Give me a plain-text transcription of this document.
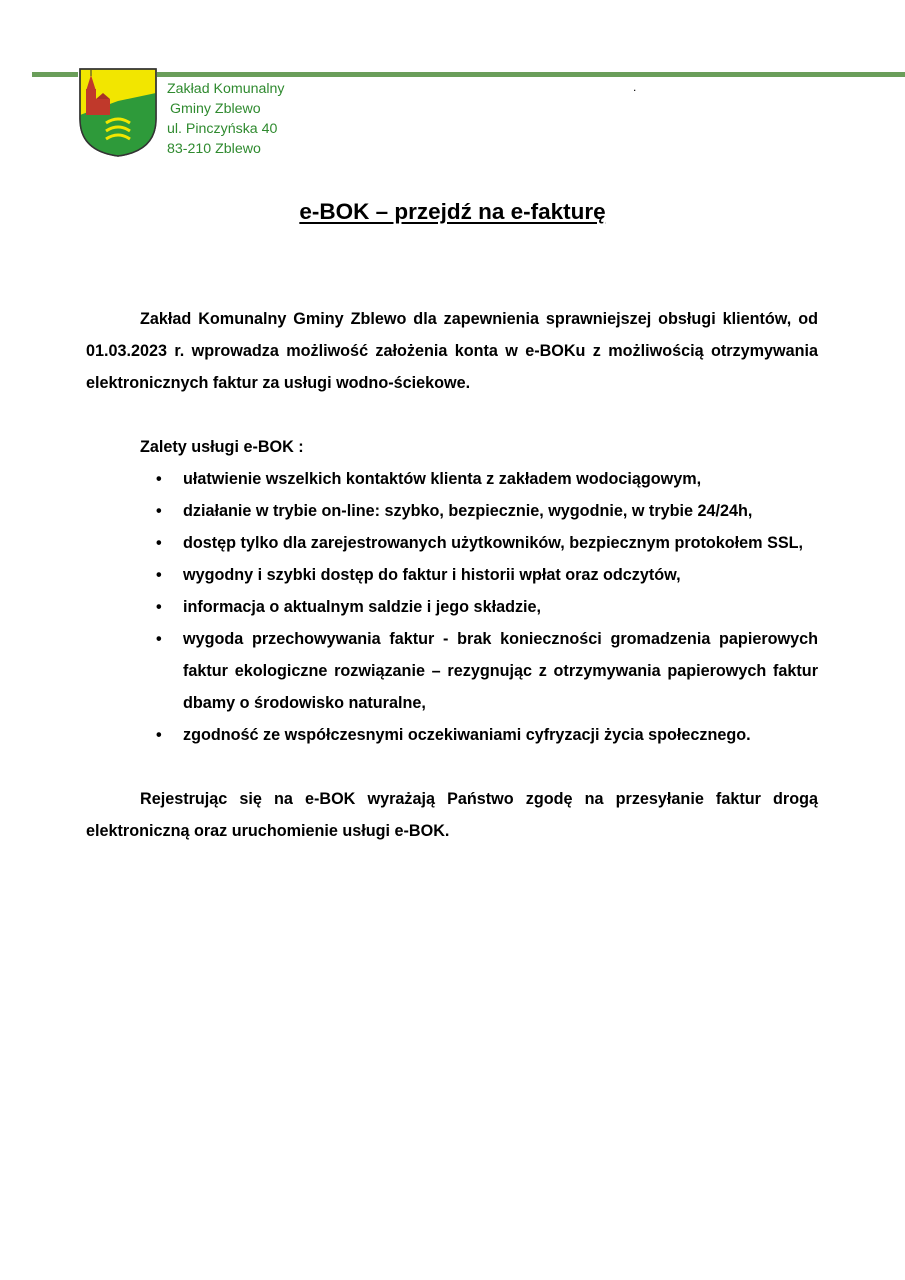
Zakład Komunalny
Gminy Zblewo
ul. Pinczyńska 40
83-210 Zblewo
.
e-BOK – przejdź na e-fakturę

Zakład Komunalny Gminy Zblewo dla zapewnienia sprawniejszej obsługi klientów, od 01.03.2023 r. wprowadza możliwość założenia konta w e-BOKu z możliwością otrzymywania elektronicznych faktur za usługi wodno-ściekowe.

Zalety usługi e-BOK :

• ułatwienie wszelkich kontaktów klienta z zakładem wodociągowym,
• działanie w trybie on-line: szybko, bezpiecznie, wygodnie, w trybie 24/24h,
• dostęp tylko dla zarejestrowanych użytkowników, bezpiecznym protokołem SSL,
• wygodny i szybki dostęp do faktur i historii wpłat oraz odczytów,
• informacja o aktualnym saldzie i jego składzie,
• wygoda przechowywania faktur - brak konieczności gromadzenia papierowych faktur ekologiczne rozwiązanie – rezygnując z otrzymywania papierowych faktur dbamy o środowisko naturalne,
• zgodność ze współczesnymi oczekiwaniami cyfryzacji życia społecznego.

Rejestrując się na e-BOK wyrażają Państwo zgodę na przesyłanie faktur drogą elektroniczną oraz uruchomienie usługi e-BOK.
